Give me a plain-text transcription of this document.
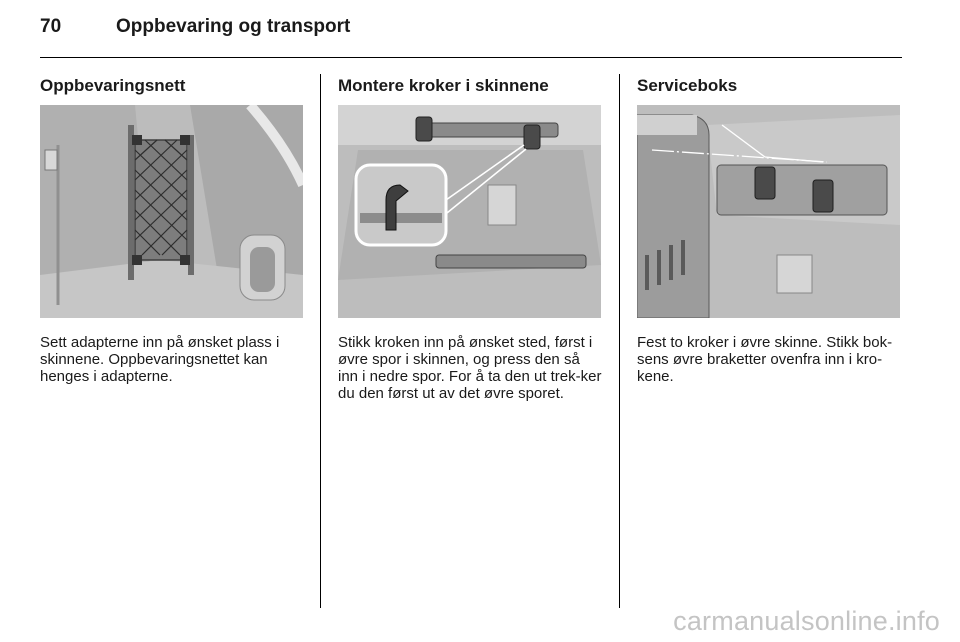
70	Oppbevaring og transport
Oppbevaringsnett

Sett adapterne inn på ønsket plass i skinnene. Oppbevaringsnettet kan henges i adapterne.

Montere kroker i skinnene

Stikk kroken inn på ønsket sted, først i øvre spor i skinnen, og press den så inn i nedre spor. For å ta den ut trek-ker du den først ut av det øvre sporet.

Serviceboks

Fest to kroker i øvre skinne. Stikk bok-sens øvre braketter ovenfra inn i kro-kene.

carmanualsonline.info
